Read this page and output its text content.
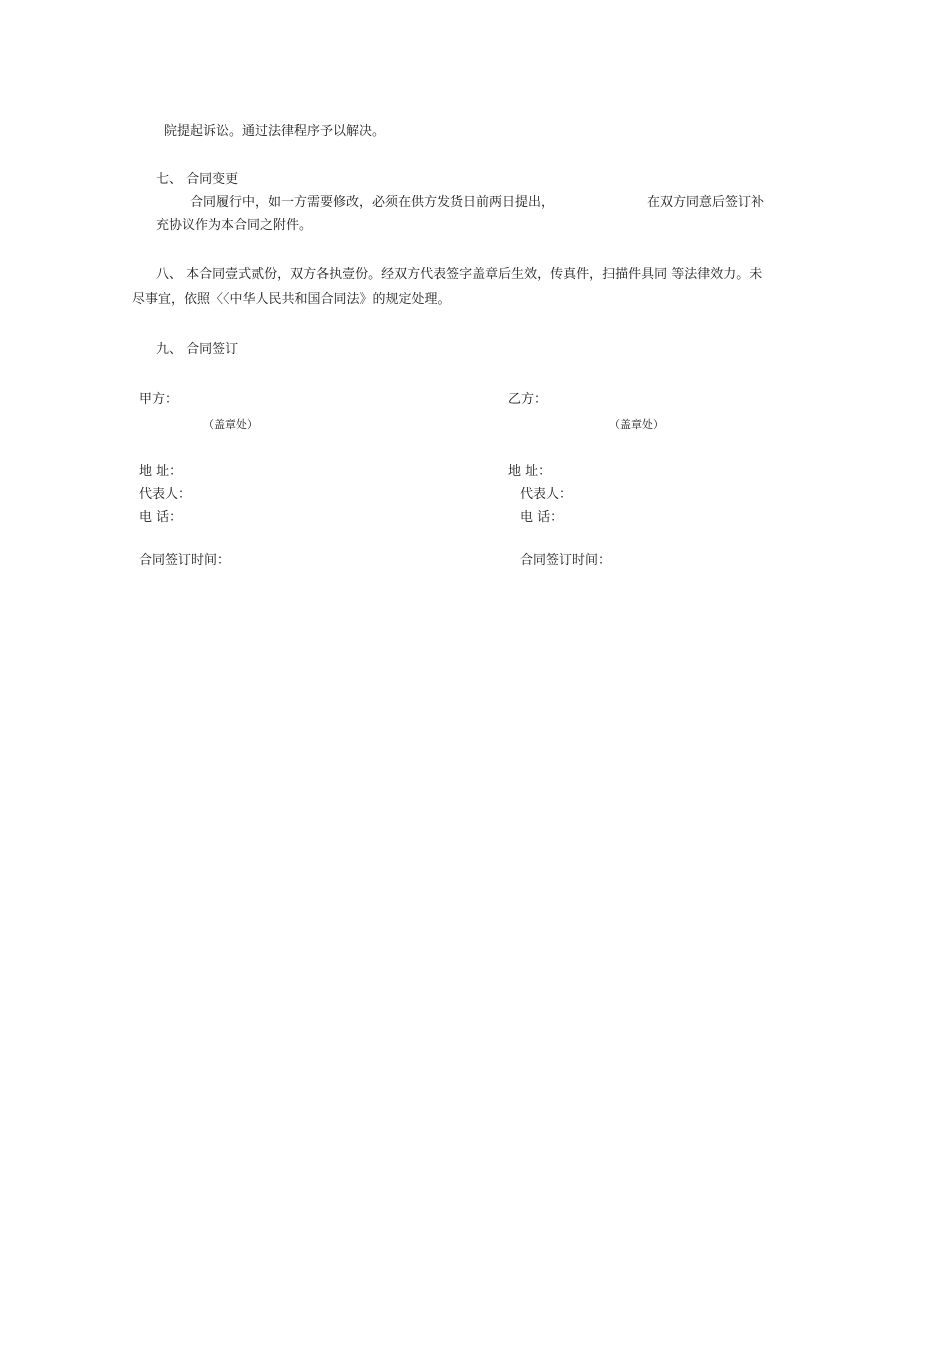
院提起诉讼。通过法律程序予以解决。
七、 合同变更
合同履行中，如一方需要修改，必须在供方发货日前两日提出，	在双方同意后签订补
充协议作为本合同之附件。
八、 本合同壹式贰份，双方各执壹份。经双方代表签字盖章后生效，传真件，扫描件具同 等法律效力。未
尽事宜，依照〈〈中华人民共和国合同法》的规定处理。
九、 合同签订
甲方：
（盖章处）
地 址：
代表人：
电 话：
合同签订时间：
乙方：
（盖章处）
地 址：
代表人：
电 话：
合同签订时间：
